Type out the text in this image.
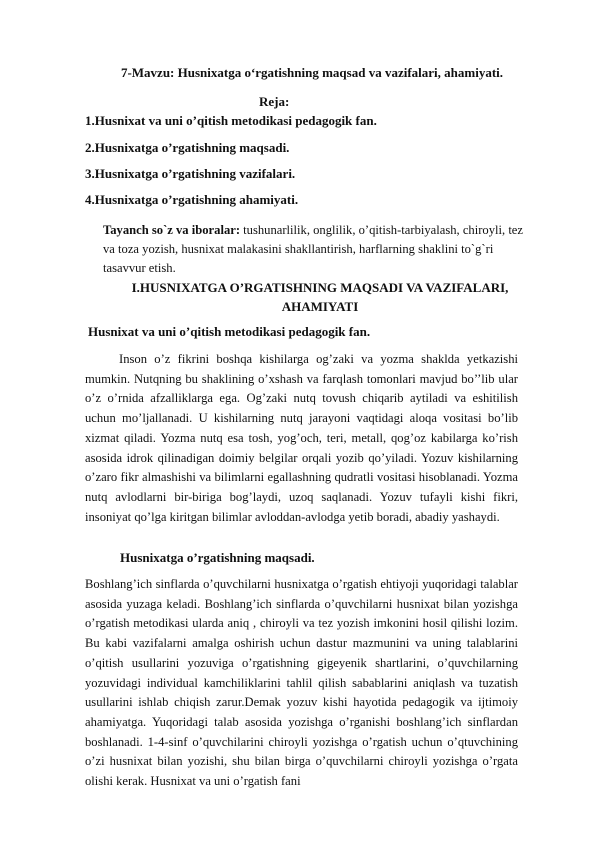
7-Mavzu: Husnixatga o‘rgatishning maqsad va vazifalari, ahamiyati.
Reja:
1.Husnixat va uni o’qitish metodikasi pedagogik fan.
2.Husnixatga o’rgatishning maqsadi.
3.Husnixatga o’rgatishning vazifalari.
4.Husnixatga o’rgatishning ahamiyati.
Tayanch so`z va iboralar: tushunarlilik, onglilik, o’qitish-tarbiyalash, chiroyli, tez va toza yozish, husnixat malakasini shakllantirish, harflarning shaklini to`g`ri tasavvur etish.
I.HUSNIXATGA O’RGATISHNING MAQSADI VA VAZIFALARI,
AHAMIYATI
Husnixat va uni o’qitish metodikasi pedagogik fan.
Inson o’z fikrini boshqa kishilarga og’zaki va yozma shaklda yetkazishi mumkin. Nutqning bu shaklining o’xshash va farqlash tomonlari mavjud bo’’lib ular o’z o’rnida afzalliklarga ega. Og’zaki nutq tovush chiqarib aytiladi va eshitilish uchun mo’ljallanadi. U kishilarning nutq jarayoni vaqtidagi aloqa vositasi bo’lib xizmat qiladi. Yozma nutq esa tosh, yog’och, teri, metall, qog’oz kabilarga ko’rish asosida idrok qilinadigan doimiy belgilar orqali yozib qo’yiladi. Yozuv kishilarning o’zaro fikr almashishi va bilimlarni egallashning qudratli vositasi hisoblanadi. Yozma nutq avlodlarni bir-biriga bog’laydi, uzoq saqlanadi. Yozuv tufayli kishi fikri, insoniyat qo’lga kiritgan bilimlar avloddan-avlodga yetib boradi, abadiy yashaydi.
Husnixatga o’rgatishning maqsadi.
Boshlang’ich sinflarda o’quvchilarni husnixatga o’rgatish ehtiyoji yuqoridagi talablar asosida yuzaga keladi. Boshlang’ich sinflarda o’quvchilarni husnixat bilan yozishga o’rgatish metodikasi ularda aniq , chiroyli va tez yozish imkonini hosil qilishi lozim. Bu kabi vazifalarni amalga oshirish uchun dastur mazmunini va uning talablarini o’qitish usullarini yozuviga o’rgatishning gigeyenik shartlarini, o’quvchilarning yozuvidagi individual kamchiliklarini tahlil qilish sabablarini aniqlash va tuzatish usullarini ishlab chiqish zarur.Demak yozuv kishi hayotida pedagogik va ijtimoiy ahamiyatga. Yuqoridagi talab asosida yozishga o’rganishi boshlang’ich sinflardan boshlanadi. 1-4-sinf o’quvchilarini chiroyli yozishga o’rgatish uchun o’qtuvchining o’zi husnixat bilan yozishi, shu bilan birga o’quvchilarni chiroyli yozishga o’rgata olishi kerak. Husnixat va uni o’rgatish fani
